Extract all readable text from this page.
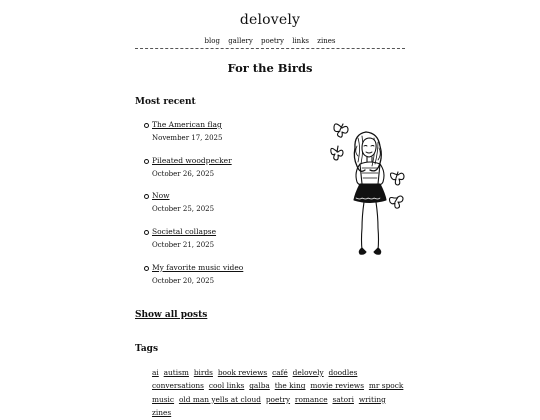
delovely
blog gallery poetry links zines
For the Birds
Most recent
The American flag
November 17, 2025
Pileated woodpecker
October 26, 2025
Now
October 25, 2025
Societal collapse
October 21, 2025
My favorite music video
October 20, 2025
Show all posts
Tags
ai autism birds book reviews café delovely doodles conversations cool links galba the king movie reviews mr spock music old man yells at cloud poetry romance satori writing zines
